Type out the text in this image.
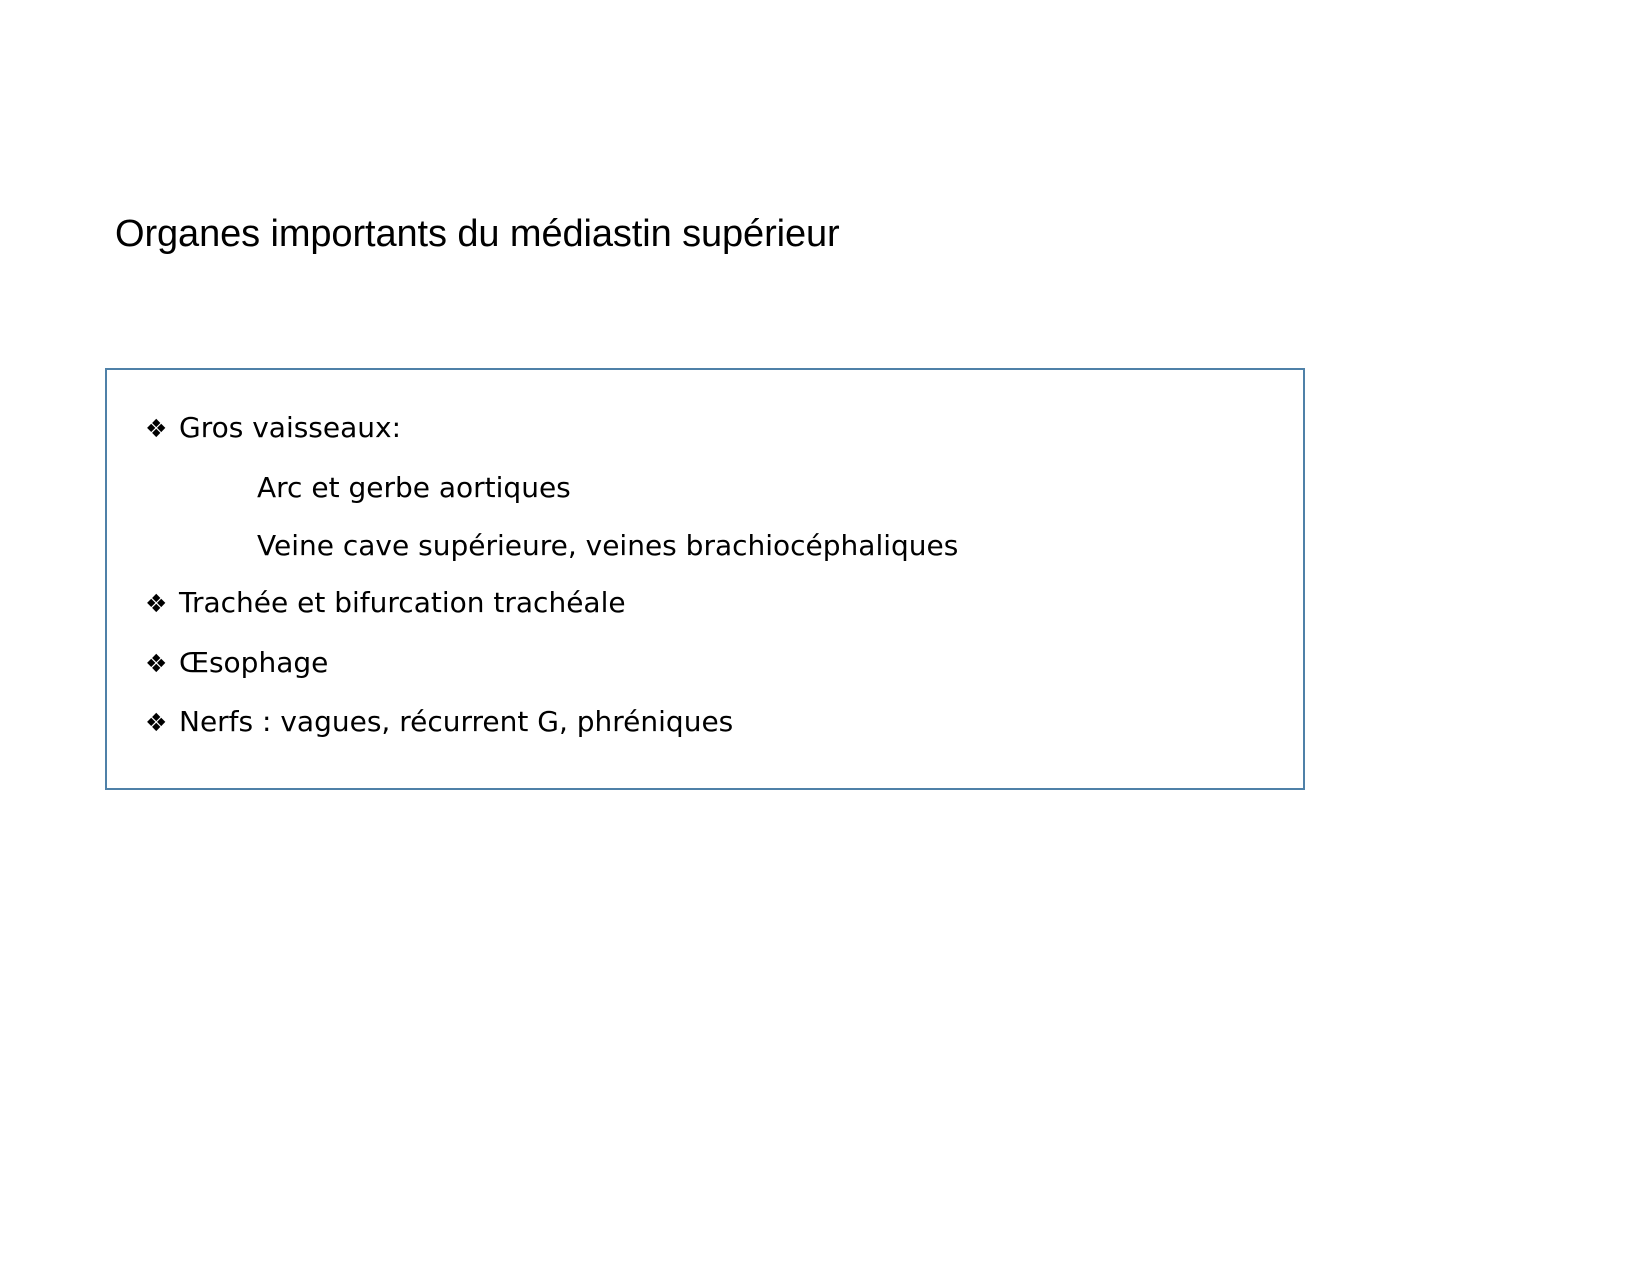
Organes importants du médiastin supérieur
❖ Gros vaisseaux:
Arc et gerbe aortiques
Veine cave supérieure, veines brachiocéphaliques
❖ Trachée et bifurcation trachéale
❖ Œsophage
❖ Nerfs : vagues, récurrent G, phréniques
